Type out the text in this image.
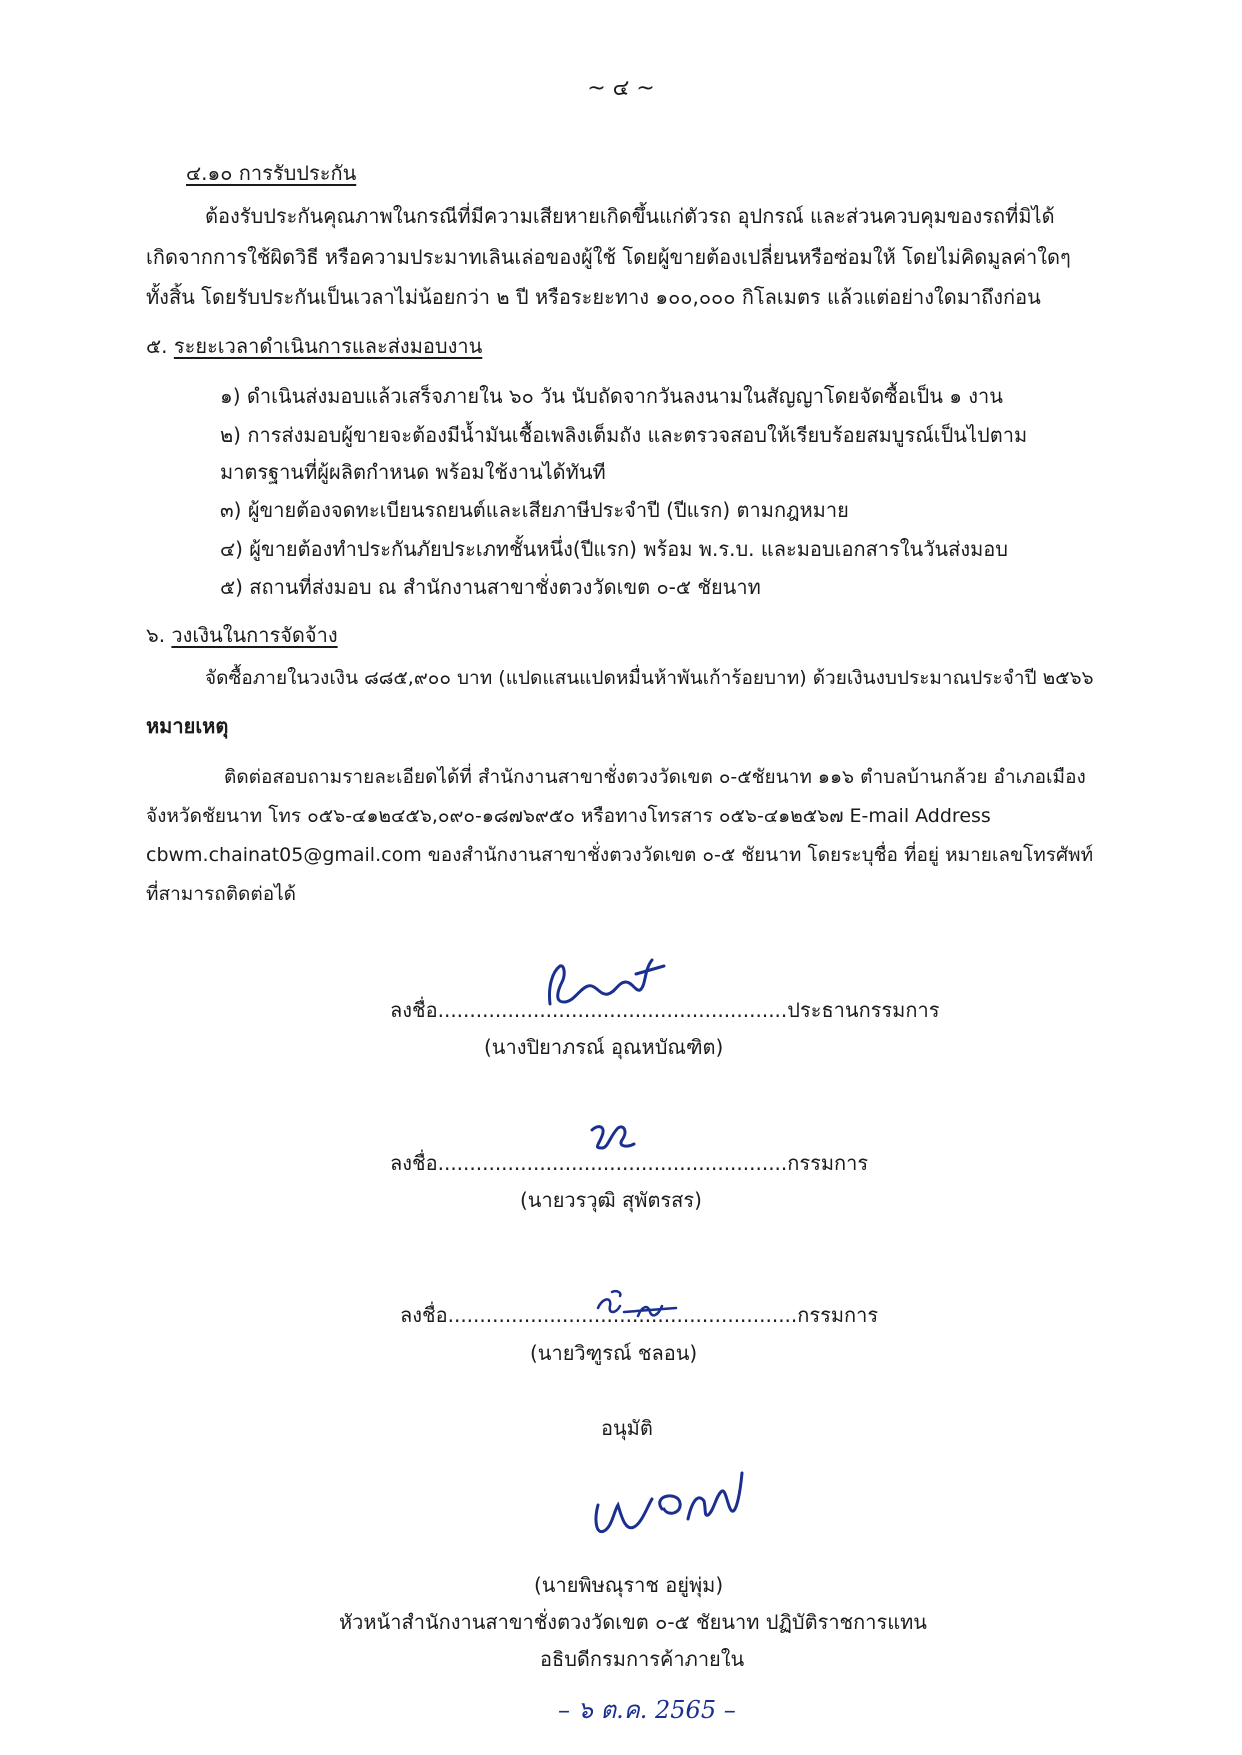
~ ๔ ~
๔.๑๐ การรับประกัน
ต้องรับประกันคุณภาพในกรณีที่มีความเสียหายเกิดขึ้นแก่ตัวรถ อุปกรณ์ และส่วนควบคุมของรถที่มิได้
เกิดจากการใช้ผิดวิธี หรือความประมาทเลินเล่อของผู้ใช้ โดยผู้ขายต้องเปลี่ยนหรือซ่อมให้ โดยไม่คิดมูลค่าใดๆ
ทั้งสิ้น โดยรับประกันเป็นเวลาไม่น้อยกว่า ๒ ปี หรือระยะทาง ๑๐๐,๐๐๐ กิโลเมตร แล้วแต่อย่างใดมาถึงก่อน
๕. ระยะเวลาดำเนินการและส่งมอบงาน
๑) ดำเนินส่งมอบแล้วเสร็จภายใน ๖๐ วัน นับถัดจากวันลงนามในสัญญาโดยจัดซื้อเป็น ๑ งาน
๒) การส่งมอบผู้ขายจะต้องมีน้ำมันเชื้อเพลิงเต็มถัง และตรวจสอบให้เรียบร้อยสมบูรณ์เป็นไปตาม
มาตรฐานที่ผู้ผลิตกำหนด พร้อมใช้งานได้ทันที
๓) ผู้ขายต้องจดทะเบียนรถยนต์และเสียภาษีประจำปี (ปีแรก) ตามกฎหมาย
๔) ผู้ขายต้องทำประกันภัยประเภทชั้นหนึ่ง(ปีแรก) พร้อม พ.ร.บ. และมอบเอกสารในวันส่งมอบ
๕) สถานที่ส่งมอบ ณ สำนักงานสาขาชั่งตวงวัดเขต ๐-๕ ชัยนาท
๖. วงเงินในการจัดจ้าง
จัดซื้อภายในวงเงิน ๘๘๕,๙๐๐ บาท (แปดแสนแปดหมื่นห้าพันเก้าร้อยบาท) ด้วยเงินงบประมาณประจำปี ๒๕๖๖
หมายเหตุ
ติดต่อสอบถามรายละเอียดได้ที่ สำนักงานสาขาชั่งตวงวัดเขต ๐-๕ชัยนาท ๑๑๖ ตำบลบ้านกล้วย อำเภอเมือง
จังหวัดชัยนาท โทร ๐๕๖-๔๑๒๔๕๖,๐๙๐-๑๘๗๖๙๕๐ หรือทางโทรสาร ๐๕๖-๔๑๒๕๖๗ E-mail Address
cbwm.chainat05@gmail.com ของสำนักงานสาขาชั่งตวงวัดเขต ๐-๕ ชัยนาท โดยระบุชื่อ ที่อยู่ หมายเลขโทรศัพท์
ที่สามารถติดต่อได้
ลงชื่อ.......................................................ประธานกรรมการ
(นางปิยาภรณ์ อุณหบัณฑิต)
ลงชื่อ.......................................................กรรมการ
(นายวรวุฒิ สุพัตรสร)
ลงชื่อ.......................................................กรรมการ
(นายวิฑูรณ์ ชลอน)
อนุมัติ
(นายพิษณุราช อยู่พุ่ม)
หัวหน้าสำนักงานสาขาชั่งตวงวัดเขต ๐-๕ ชัยนาท ปฏิบัติราชการแทน
อธิบดีกรมการค้าภายใน
– ๖ ต.ค. 2565 –
